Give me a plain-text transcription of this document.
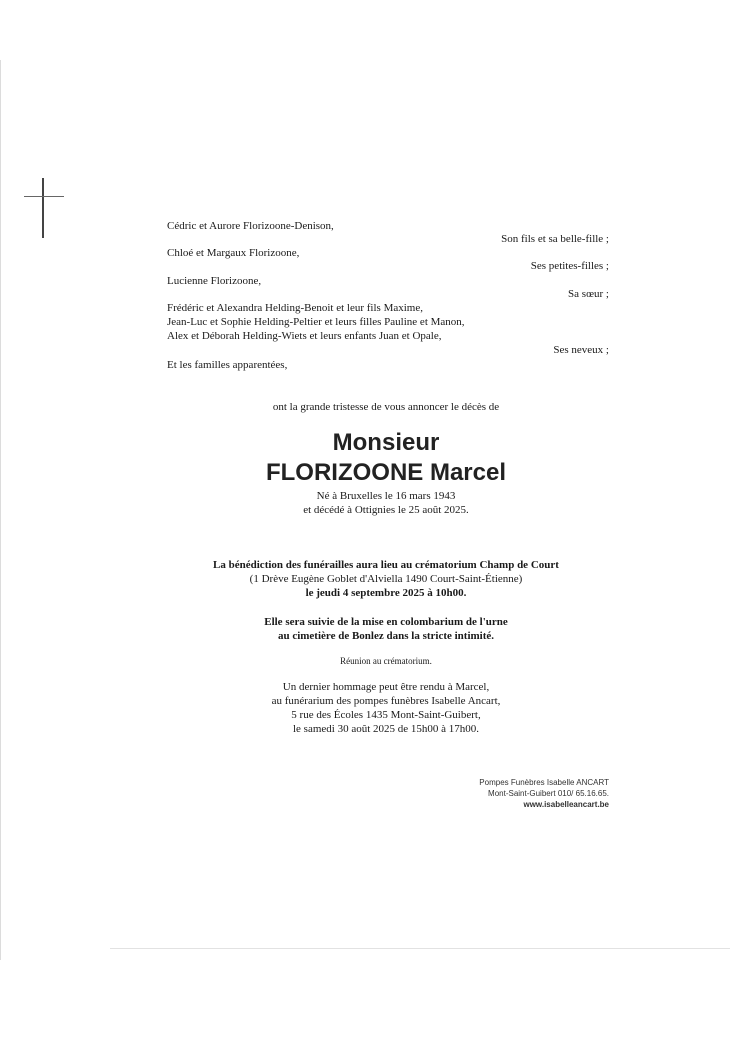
Cédric et Aurore Florizoone-Denison,
Son fils et sa belle-fille ;
Chloé et Margaux Florizoone,
Ses petites-filles ;
Lucienne Florizoone,
Sa sœur ;
Frédéric et Alexandra Helding-Benoit et leur fils Maxime,
Jean-Luc et Sophie Helding-Peltier et leurs filles Pauline et Manon,
Alex et Déborah Helding-Wiets et leurs enfants Juan et Opale,
Ses neveux ;
Et les familles apparentées,
ont la grande tristesse de vous annoncer le décès de
Monsieur
FLORIZOONE Marcel
Né à Bruxelles le 16 mars 1943
et décédé à Ottignies le 25 août 2025.
La bénédiction des funérailles aura lieu au crématorium Champ de Court
(1 Drève Eugène Goblet d'Alviella 1490 Court-Saint-Étienne)
le jeudi 4 septembre 2025 à 10h00.
Elle sera suivie de la mise en colombarium de l'urne
au cimetière de Bonlez dans la stricte intimité.
Réunion au crématorium.
Un dernier hommage peut être rendu à Marcel,
au funérarium des pompes funèbres Isabelle Ancart,
5 rue des Écoles 1435 Mont-Saint-Guibert,
le samedi 30 août 2025 de 15h00 à 17h00.
Pompes Funèbres Isabelle ANCART
Mont-Saint-Guibert 010/ 65.16.65.
www.isabelleancart.be
